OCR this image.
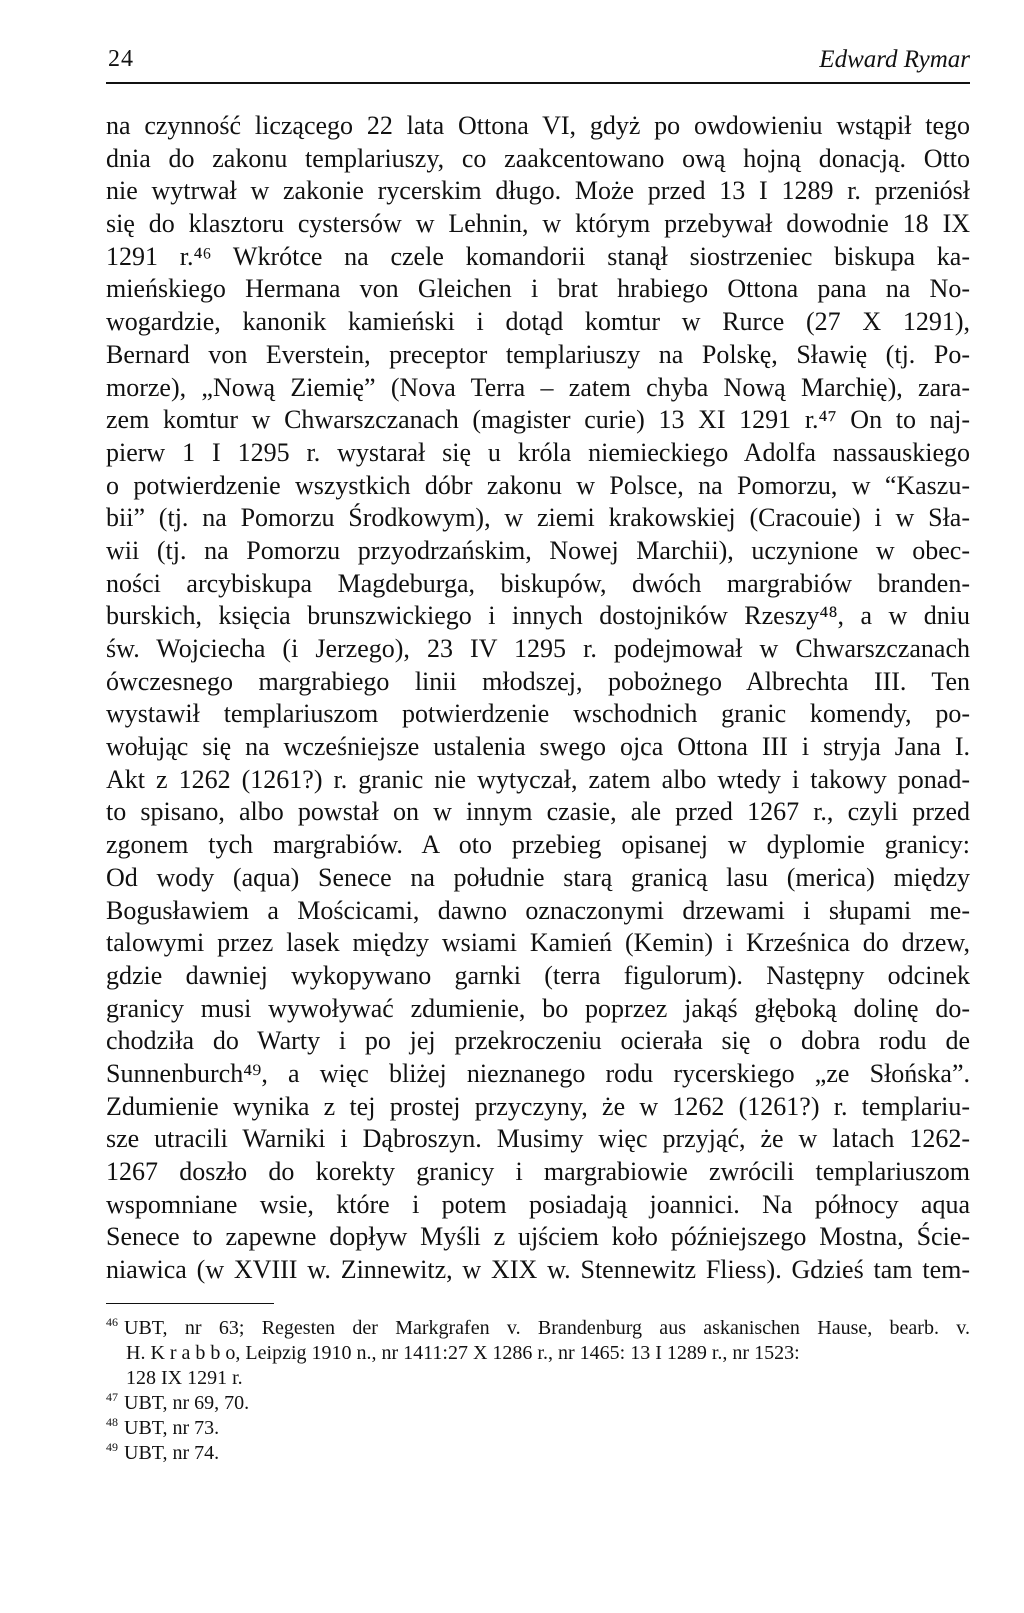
24	Edward Rymar
na czynność liczącego 22 lata Ottona VI, gdyż po owdowieniu wstąpił tego
dnia do zakonu templariuszy, co zaakcentowano ową hojną donacją. Otto
nie wytrwał w zakonie rycerskim długo. Może przed 13 I 1289 r. przeniósł
się do klasztoru cystersów w Lehnin, w którym przebywał dowodnie 18 IX
1291 r.⁴⁶ Wkrótce na czele komandorii stanął siostrzeniec biskupa ka-
mieńskiego Hermana von Gleichen i brat hrabiego Ottona pana na No-
wogardzie, kanonik kamieński i dotąd komtur w Rurce (27 X 1291),
Bernard von Everstein, preceptor templariuszy na Polskę, Sławię (tj. Po-
morze), „Nową Ziemię” (Nova Terra – zatem chyba Nową Marchię), zara-
zem komtur w Chwarszczanach (magister curie) 13 XI 1291 r.⁴⁷ On to naj-
pierw 1 I 1295 r. wystarał się u króla niemieckiego Adolfa nassauskiego
o potwierdzenie wszystkich dóbr zakonu w Polsce, na Pomorzu, w “Kaszu-
bii” (tj. na Pomorzu Środkowym), w ziemi krakowskiej (Cracouie) i w Sła-
wii (tj. na Pomorzu przyodrzańskim, Nowej Marchii), uczynione w obec-
ności arcybiskupa Magdeburga, biskupów, dwóch margrabiów branden-
burskich, księcia brunszwickiego i innych dostojników Rzeszy⁴⁸, a w dniu
św. Wojciecha (i Jerzego), 23 IV 1295 r. podejmował w Chwarszczanach
ówczesnego margrabiego linii młodszej, pobożnego Albrechta III. Ten
wystawił templariuszom potwierdzenie wschodnich granic komendy, po-
wołując się na wcześniejsze ustalenia swego ojca Ottona III i stryja Jana I.
Akt z 1262 (1261?) r. granic nie wytyczał, zatem albo wtedy i takowy ponad-
to spisano, albo powstał on w innym czasie, ale przed 1267 r., czyli przed
zgonem tych margrabiów. A oto przebieg opisanej w dyplomie granicy:
Od wody (aqua) Senece na południe starą granicą lasu (merica) między
Bogusławiem a Mościcami, dawno oznaczonymi drzewami i słupami me-
talowymi przez lasek między wsiami Kamień (Kemin) i Krześnica do drzew,
gdzie dawniej wykopywano garnki (terra figulorum). Następny odcinek
granicy musi wywoływać zdumienie, bo poprzez jakąś głęboką dolinę do-
chodziła do Warty i po jej przekroczeniu ocierała się o dobra rodu de
Sunnenburch⁴⁹, a więc bliżej nieznanego rodu rycerskiego „ze Słońska”.
Zdumienie wynika z tej prostej przyczyny, że w 1262 (1261?) r. templariu-
sze utracili Warniki i Dąbroszyn. Musimy więc przyjąć, że w latach 1262-
1267 doszło do korekty granicy i margrabiowie zwrócili templariuszom
wspomniane wsie, które i potem posiadają joannici. Na północy aqua
Senece to zapewne dopływ Myśli z ujściem koło późniejszego Mostna, Ście-
niawica (w XVIII w. Zinnewitz, w XIX w. Stennewitz Fliess). Gdzieś tam tem-
$^{46}$ UBT, nr 63; Regesten der Markgrafen v. Brandenburg aus askanischen Hause, bearb. v.
H. K r a b b o, Leipzig 1910 n., nr 1411:27 X 1286 r., nr 1465: 13 I 1289 r., nr 1523:
128 IX 1291 r.
$^{47}$ UBT, nr 69, 70.
$^{48}$ UBT, nr 73.
$^{49}$ UBT, nr 74.
